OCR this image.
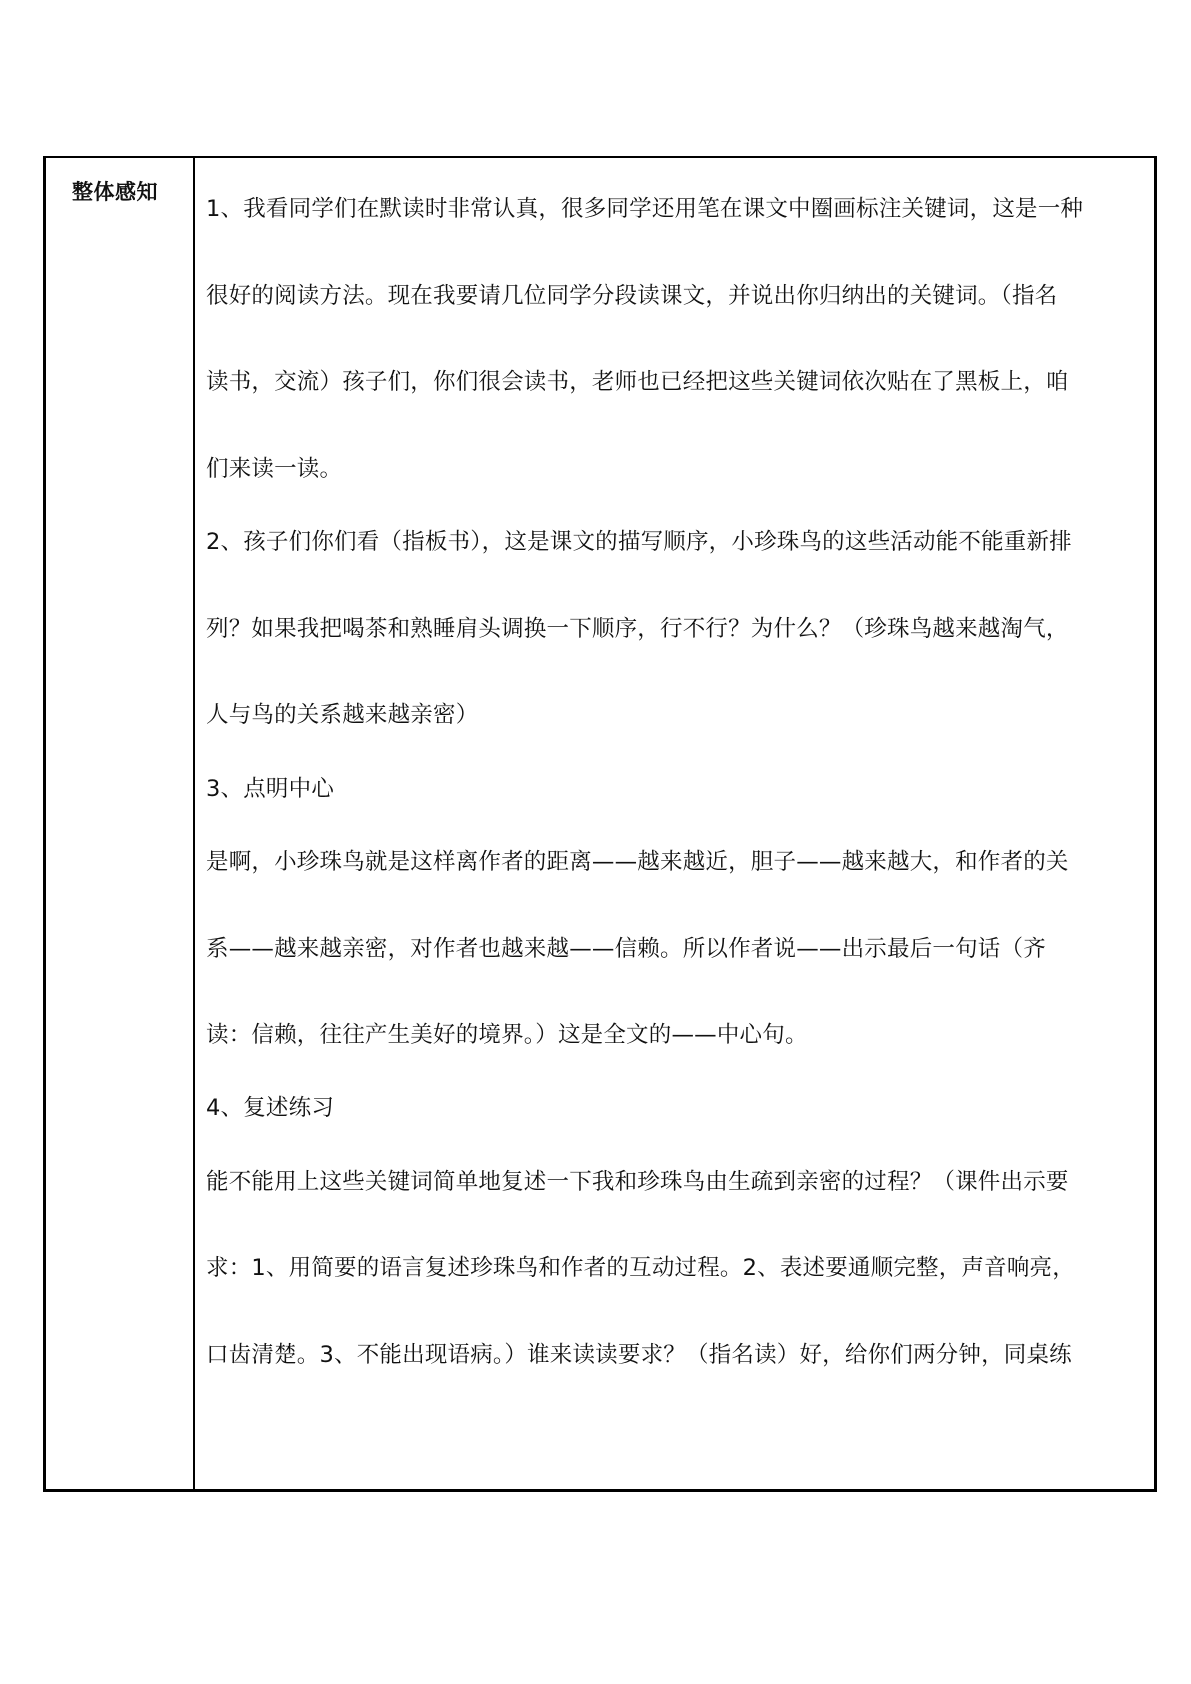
整体感知
1、我看同学们在默读时非常认真，很多同学还用笔在课文中圈画标注关键词，这是一种
很好的阅读方法。现在我要请几位同学分段读课文，并说出你归纳出的关键词。（指名
读书，交流）孩子们，你们很会读书，老师也已经把这些关键词依次贴在了黑板上，咱
们来读一读。
2、孩子们你们看（指板书），这是课文的描写顺序，小珍珠鸟的这些活动能不能重新排
列？如果我把喝茶和熟睡肩头调换一下顺序，行不行？为什么？（珍珠鸟越来越淘气，
人与鸟的关系越来越亲密）
3、点明中心
是啊，小珍珠鸟就是这样离作者的距离——越来越近，胆子——越来越大，和作者的关
系——越来越亲密，对作者也越来越——信赖。所以作者说——出示最后一句话（齐
读：信赖，往往产生美好的境界。）这是全文的——中心句。
4、复述练习
能不能用上这些关键词简单地复述一下我和珍珠鸟由生疏到亲密的过程？（课件出示要
求：1、用简要的语言复述珍珠鸟和作者的互动过程。2、表述要通顺完整，声音响亮，
口齿清楚。3、不能出现语病。）谁来读读要求？（指名读）好，给你们两分钟，同桌练
